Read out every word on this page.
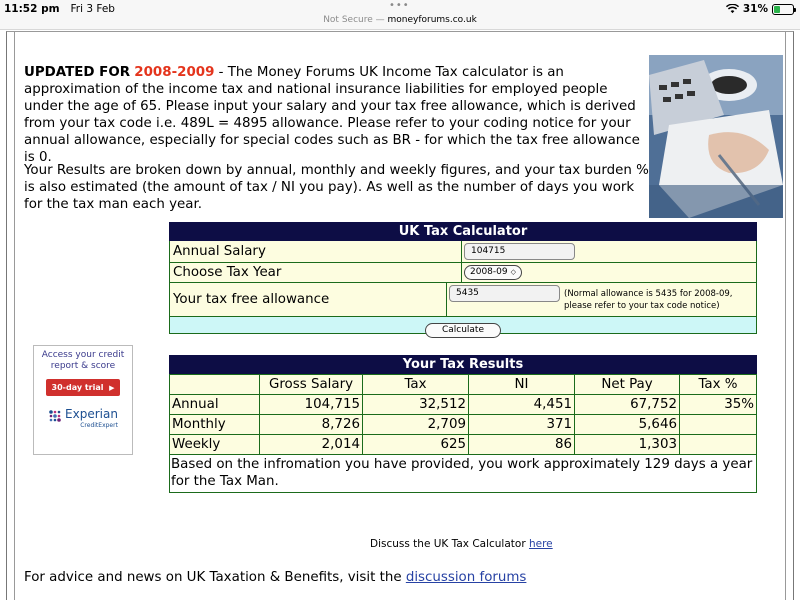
11:52 pm Fri 3 Feb	•••
Not Secure — moneyforums.co.uk
31%

UPDATED FOR 2008-2009 - The Money Forums UK Income Tax calculator is an approximation of the income tax and national insurance liabilities for employed people under the age of 65. Please input your salary and your tax free allowance, which is derived from your tax code i.e. 489L = 4895 allowance. Please refer to your coding notice for your annual allowance, especially for special codes such as BR - for which the tax free allowance is 0.

Your Results are broken down by annual, monthly and weekly figures, and your tax burden % is also estimated (the amount of tax / NI you pay). As well as the number of days you work for the tax man each year.

UK Tax Calculator
Annual Salary	104715
Choose Tax Year	2008-09 ◇
Your tax free allowance	5435	(Normal allowance is 5435 for 2008-09, please refer to your tax code notice)
Calculate
Access your credit report & score
30-day trial ▶
Experian
CreditExpert
Your Tax Results
	Gross Salary	Tax	NI	Net Pay	Tax %
Annual	104,715	32,512	4,451	67,752	35%
Monthly	8,726	2,709	371	5,646	
Weekly	2,014	625	86	1,303	
Based on the infromation you have provided, you work approximately 129 days a year for the Tax Man.
Discuss the UK Tax Calculator here
For advice and news on UK Taxation & Benefits, visit the discussion forums
